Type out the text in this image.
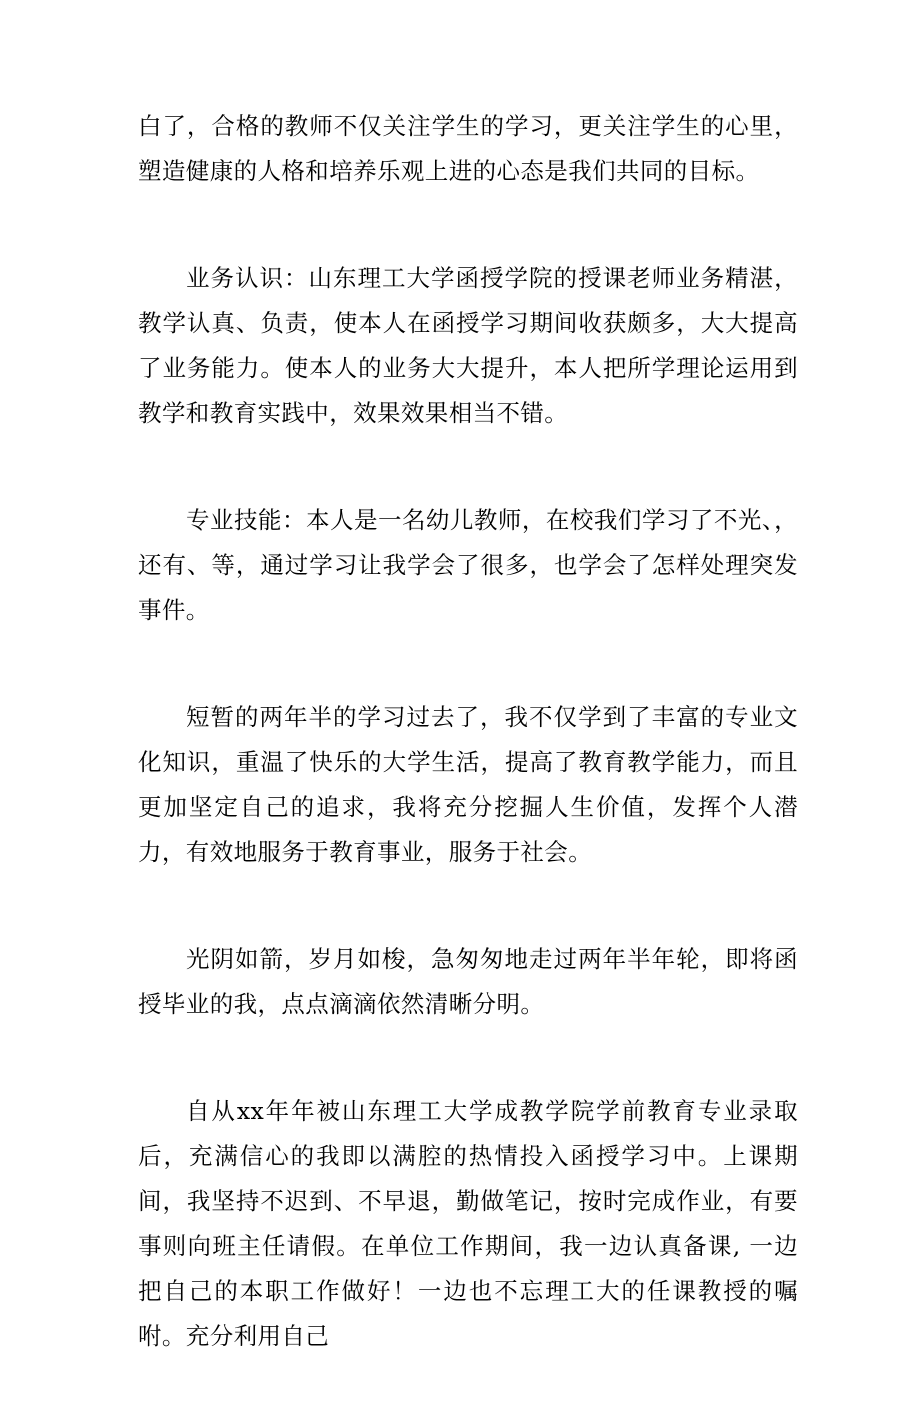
白了，合格的教师不仅关注学生的学习，更关注学生的心里，塑造健康的人格和培养乐观上进的心态是我们共同的目标。

业务认识：山东理工大学函授学院的授课老师业务精湛，教学认真、负责，使本人在函授学习期间收获颇多，大大提高了业务能力。使本人的业务大大提升，本人把所学理论运用到教学和教育实践中，效果效果相当不错。

专业技能：本人是一名幼儿教师，在校我们学习了不光、，还有、等，通过学习让我学会了很多，也学会了怎样处理突发事件。

短暂的两年半的学习过去了，我不仅学到了丰富的专业文化知识，重温了快乐的大学生活，提高了教育教学能力，而且更加坚定自己的追求，我将充分挖掘人生价值，发挥个人潜力，有效地服务于教育事业，服务于社会。

光阴如箭，岁月如梭，急匆匆地走过两年半年轮，即将函授毕业的我，点点滴滴依然清晰分明。

自从xx年年被山东理工大学成教学院学前教育专业录取后，充满信心的我即以满腔的热情投入函授学习中。上课期间，我坚持不迟到、不早退，勤做笔记，按时完成作业，有要事则向班主任请假。在单位工作期间，我一边认真备课, 一边把自己的本职工作做好！一边也不忘理工大的任课教授的嘱咐。充分利用自己
